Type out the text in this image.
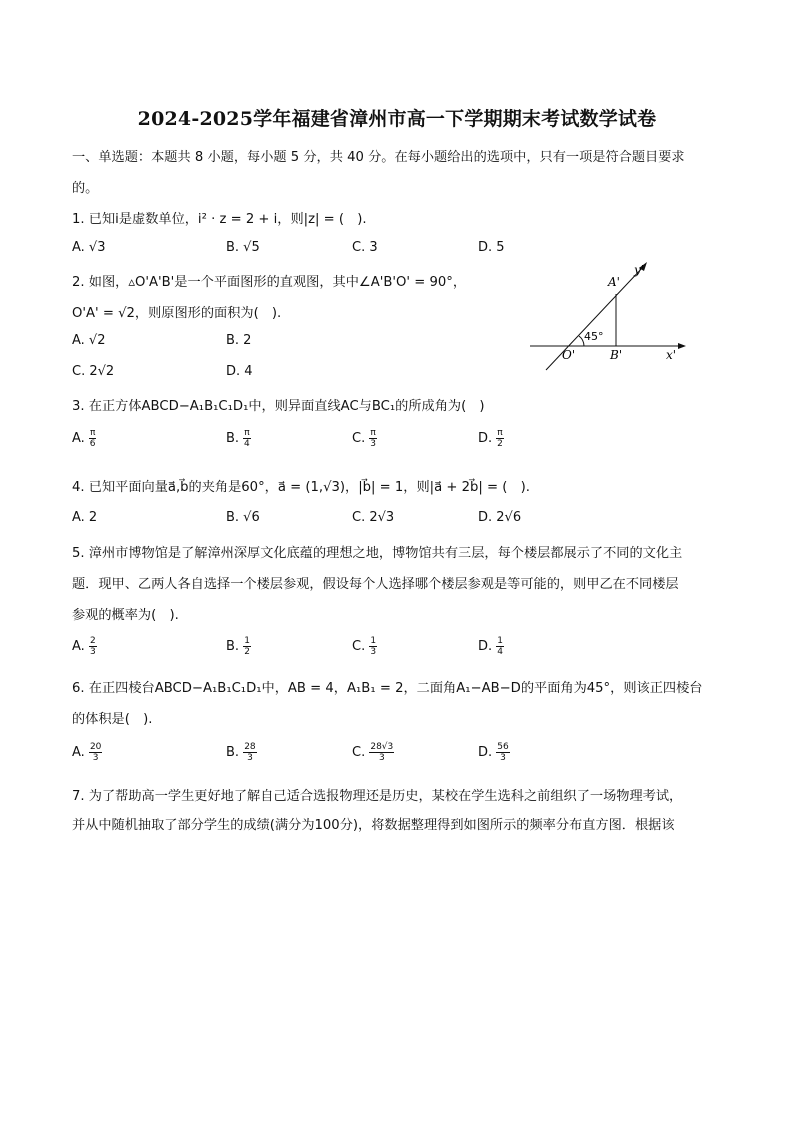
2024-2025学年福建省漳州市高一下学期期末考试数学试卷
一、单选题：本题共 8 小题，每小题 5 分，共 40 分。在每小题给出的选项中，只有一项是符合题目要求
的。
1. 已知i是虚数单位，i² · z = 2 + i，则|z| = (　).
A. √3	B. √5	C. 3	D. 5
2. 如图，▵O'A'B'是一个平面图形的直观图，其中∠A'B'O' = 90°，
O'A' = √2，则原图形的面积为(　).
A. √2	B. 2
C. 2√2	D. 4
A'
y'
45°
O'	B'	x'
3. 在正方体ABCD−A₁B₁C₁D₁中，则异面直线AC与BC₁的所成角为(　)
A. $\frac{\pi}{6}$	B. $\frac{\pi}{4}$	C. $\frac{\pi}{3}$	D. $\frac{\pi}{2}$
4. 已知平面向量a⃗,b⃗的夹角是60°，a⃗ = (1,√3)，|b⃗| = 1，则|a⃗ + 2b⃗| = (　).
A. 2	B. √6	C. 2√3	D. 2√6
5. 漳州市博物馆是了解漳州深厚文化底蕴的理想之地，博物馆共有三层，每个楼层都展示了不同的文化主
题．现甲、乙两人各自选择一个楼层参观，假设每个人选择哪个楼层参观是等可能的，则甲乙在不同楼层
参观的概率为(　).
A. $\frac{2}{3}$	B. $\frac{1}{2}$	C. $\frac{1}{3}$	D. $\frac{1}{4}$
6. 在正四棱台ABCD−A₁B₁C₁D₁中，AB = 4，A₁B₁ = 2，二面角A₁−AB−D的平面角为45°，则该正四棱台
的体积是(　).
A. $\frac{20}{3}$	B. $\frac{28}{3}$	C. $\frac{28√3}{3}$	D. $\frac{56}{3}$
7. 为了帮助高一学生更好地了解自己适合选报物理还是历史，某校在学生选科之前组织了一场物理考试，
并从中随机抽取了部分学生的成绩(满分为100分)，将数据整理得到如图所示的频率分布直方图．根据该
